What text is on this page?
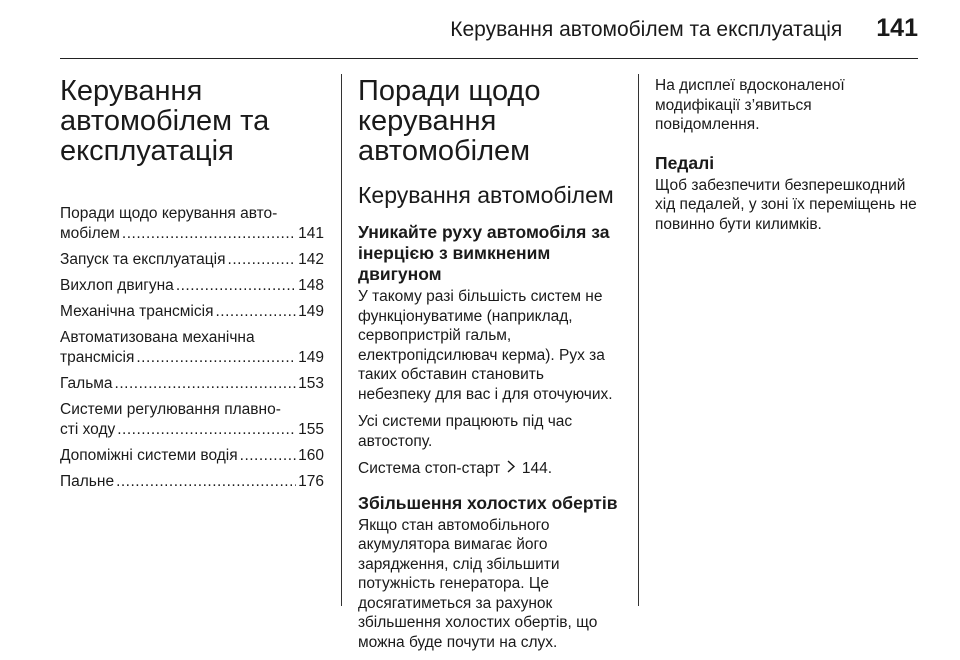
Керування автомобілем та експлуатація 141
Керування
автомобілем та
експлуатація
Поради щодо керування авто-
мобілем .....	141
Запуск та експлуатація .....	142
Вихлоп двигуна .....	148
Механічна трансмісія .....	149
Автоматизована механічна
трансмісія .....	149
Гальма .....	153
Системи регулювання плавно-
сті ходу .....	155
Допоміжні системи водія .....	160
Пальне .....	176
Поради щодо
керування
автомобілем
Керування автомобілем
Уникайте руху автомобіля за
інерцією з вимкненим
двигуном
У такому разі більшість систем не
функціонуватиме (наприклад,
сервопристрій гальм,
електропідсилювач керма). Рух за
таких обставин становить
небезпеку для вас і для оточуючих.
Усі системи працюють під час
автостопу.
Система стоп-старт 144.
Збільшення холостих обертів
Якщо стан автомобільного
акумулятора вимагає його
зарядження, слід збільшити
потужність генератора. Це
досягатиметься за рахунок
збільшення холостих обертів, що
можна буде почути на слух.
На дисплеї вдосконаленої
модифікації з’явиться
повідомлення.
Педалі
Щоб забезпечити безперешкодний
хід педалей, у зоні їх переміщень не
повинно бути килимків.
